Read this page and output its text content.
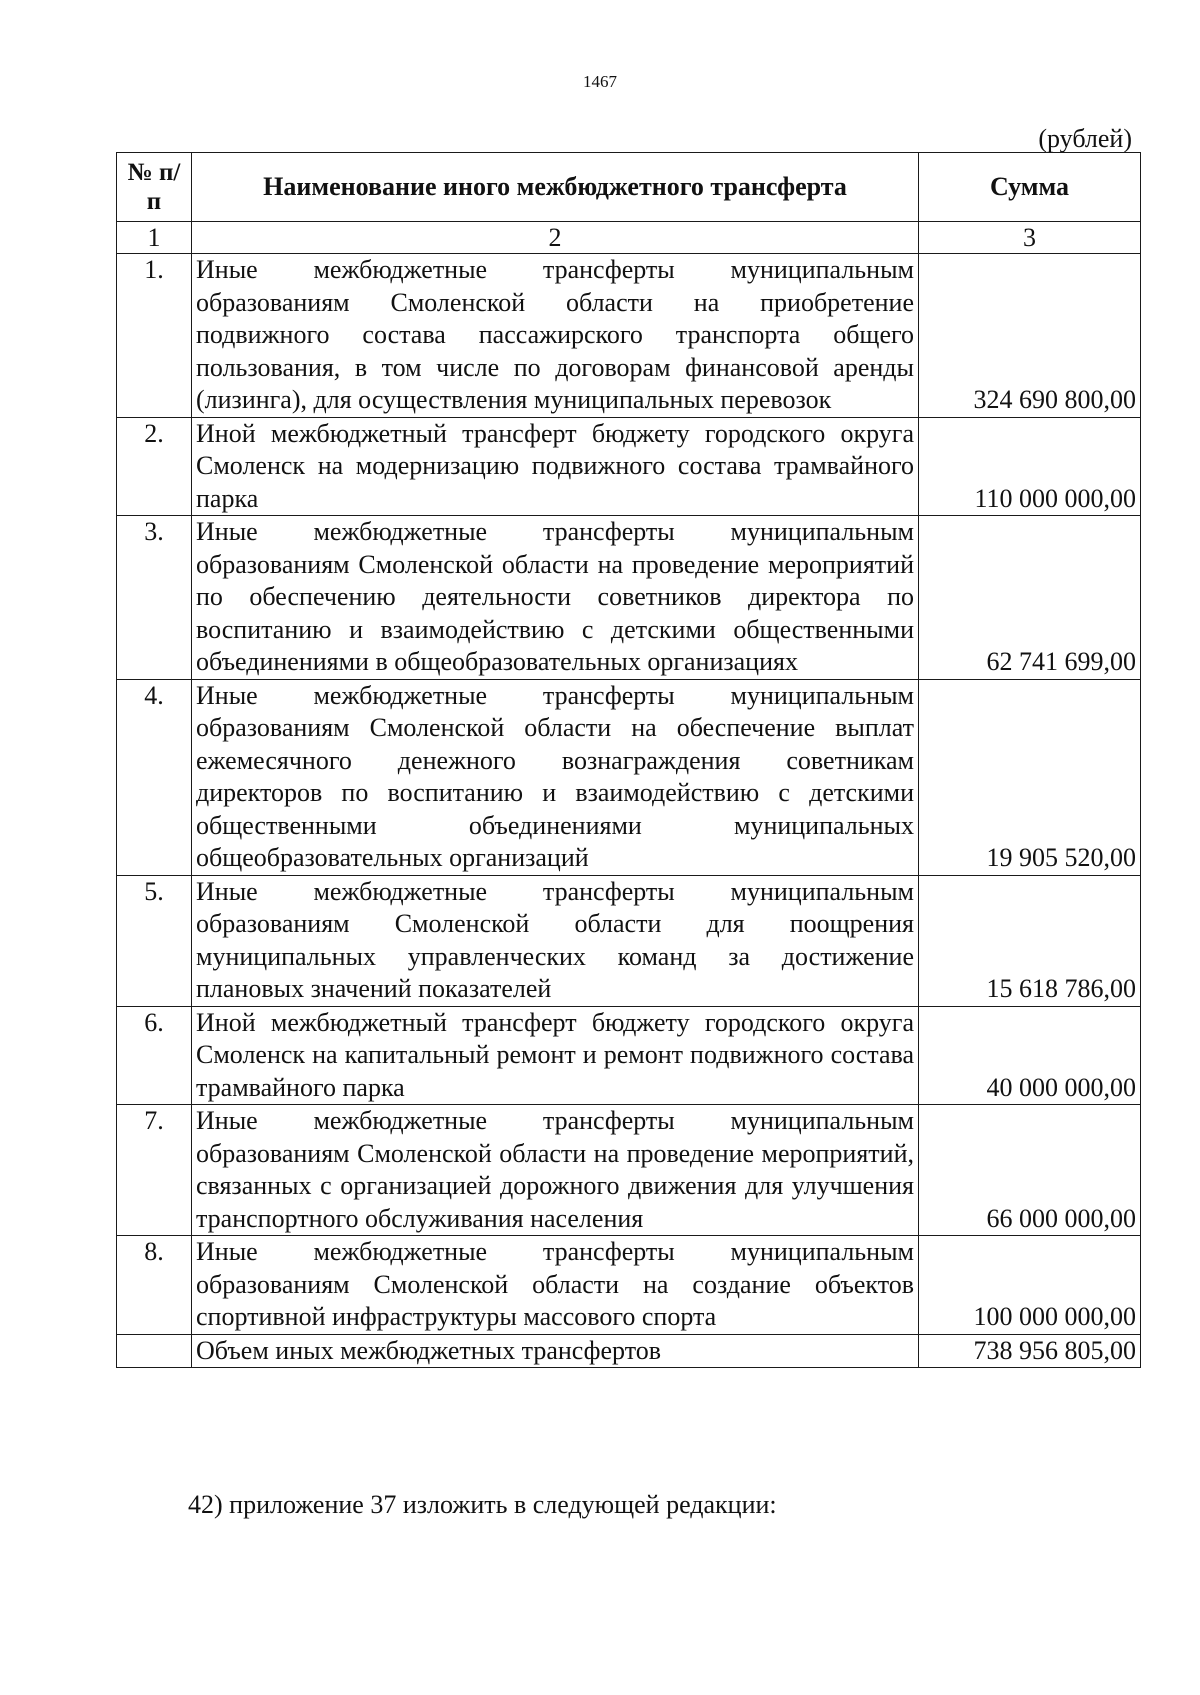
1467
(рублей)
№ п/п	Наименование иного межбюджетного трансферта	Сумма
1	2	3
1.	Иные межбюджетные трансферты муниципальным образованиям Смоленской области на приобретение подвижного состава пассажирского транспорта общего пользования, в том числе по договорам финансовой аренды (лизинга), для осуществления муниципальных перевозок	324 690 800,00
2.	Иной межбюджетный трансферт бюджету городского округа Смоленск на модернизацию подвижного состава трамвайного парка	110 000 000,00
3.	Иные межбюджетные трансферты муниципальным образованиям Смоленской области на проведение мероприятий по обеспечению деятельности советников директора по воспитанию и взаимодействию с детскими общественными объединениями в общеобразовательных организациях	62 741 699,00
4.	Иные межбюджетные трансферты муниципальным образованиям Смоленской области на обеспечение выплат ежемесячного денежного вознаграждения советникам директоров по воспитанию и взаимодействию с детскими общественными объединениями муниципальных общеобразовательных организаций	19 905 520,00
5.	Иные межбюджетные трансферты муниципальным образованиям Смоленской области для поощрения муниципальных управленческих команд за достижение плановых значений показателей	15 618 786,00
6.	Иной межбюджетный трансферт бюджету городского округа Смоленск на капитальный ремонт и ремонт подвижного состава трамвайного парка	40 000 000,00
7.	Иные межбюджетные трансферты муниципальным образованиям Смоленской области на проведение мероприятий, связанных с организацией дорожного движения для улучшения транспортного обслуживания населения	66 000 000,00
8.	Иные межбюджетные трансферты муниципальным образованиям Смоленской области на создание объектов спортивной инфраструктуры массового спорта	100 000 000,00
	Объем иных межбюджетных трансфертов	738 956 805,00
42) приложение 37 изложить в следующей редакции:
